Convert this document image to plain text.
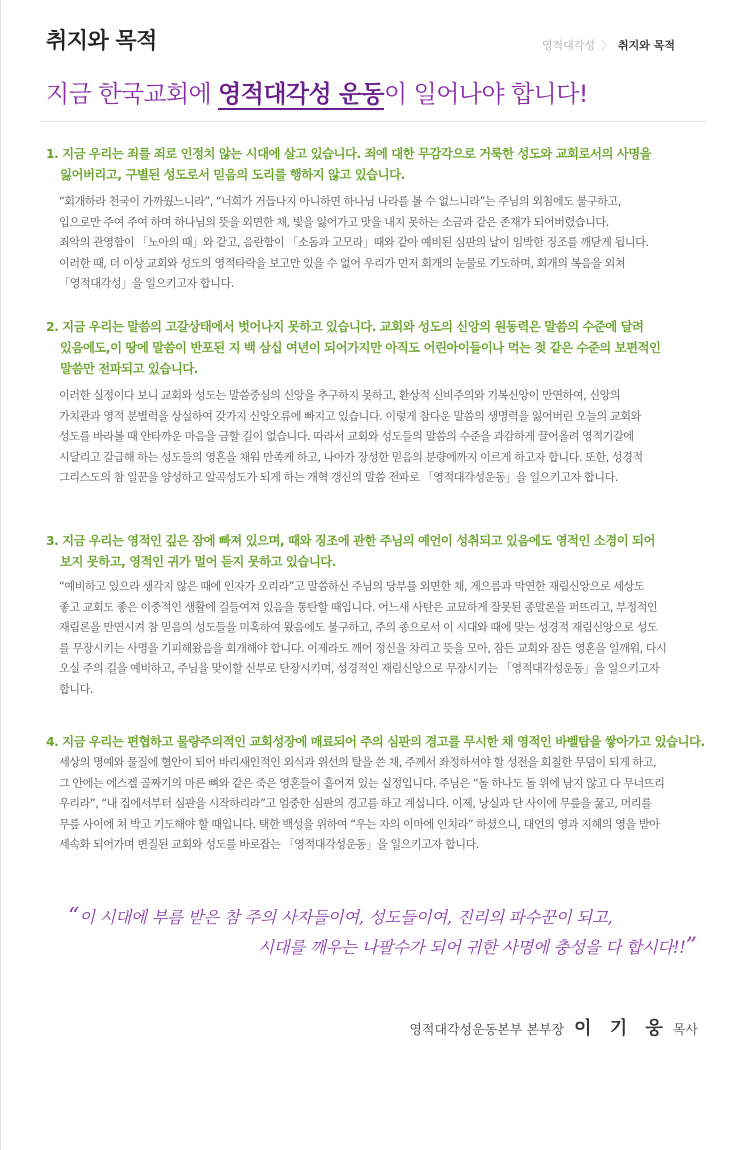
취지와 목적	영적대각성 〉 취지와 목적
지금 한국교회에 영적대각성 운동이 일어나야 합니다!
1. 지금 우리는 죄를 죄로 인정치 않는 시대에 살고 있습니다. 죄에 대한 무감각으로 거룩한 성도와 교회로서의 사명을
잃어버리고, 구별된 성도로서 믿음의 도리를 행하지 않고 있습니다.
“회개하라 천국이 가까웠느니라”, “너희가 거듭나지 아니하면 하나님 나라를 볼 수 없느니라”는 주님의 외침에도 불구하고,
입으로만 주여 주여 하며 하나님의 뜻을 외면한 채, 빛을 잃어가고 맛을 내지 못하는 소금과 같은 존재가 되어버렸습니다.
죄악의 관영함이 「노아의 때」와 같고, 음란함이 「소돔과 고모라」때와 같아 예비된 심판의 날이 임박한 징조를 깨닫게 됩니다.
이러한 때, 더 이상 교회와 성도의 영적타락을 보고만 있을 수 없어 우리가 먼저 회개의 눈물로 기도하며, 회개의 복음을 외쳐
「영적대각성」을 일으키고자 합니다.
2. 지금 우리는 말씀의 고갈상태에서 벗어나지 못하고 있습니다. 교회와 성도의 신앙의 원동력은 말씀의 수준에 달려
있음에도,이 땅에 말씀이 반포된 지 백 삼십 여년이 되어가지만 아직도 어린아이들이나 먹는 젖 같은 수준의 보편적인
말씀만 전파되고 있습니다.
이러한 실정이다 보니 교회와 성도는 말씀중심의 신앙을 추구하지 못하고, 환상적 신비주의와 기복신앙이 만연하여, 신앙의
가치관과 영적 분별력을 상실하여 갖가지 신앙오류에 빠지고 있습니다. 이렇게 참다운 말씀의 생명력을 잃어버린 오늘의 교회와
성도를 바라볼 때 안타까운 마음을 금할 길이 없습니다. 따라서 교회와 성도들의 말씀의 수준을 과감하게 끌어올려 영적기갈에
시달리고 갈급해 하는 성도들의 영혼을 채워 만족케 하고, 나아가 장성한 믿음의 분량에까지 이르게 하고자 합니다. 또한, 성경적
그리스도의 참 일꾼을 양성하고 알곡성도가 되게 하는 개혁 갱신의 말씀 전파로 「영적대각성운동」을 일으키고자 합니다.
3. 지금 우리는 영적인 깊은 잠에 빠져 있으며, 때와 징조에 관한 주님의 예언이 성취되고 있음에도 영적인 소경이 되어
보지 못하고, 영적인 귀가 멀어 듣지 못하고 있습니다.
“예비하고 있으라 생각지 않은 때에 인자가 오리라”고 말씀하신 주님의 당부를 외면한 채, 게으름과 막연한 재림신앙으로 세상도
좋고 교회도 좋은 이중적인 생활에 길들여져 있음을 통탄할 때입니다. 어느새 사탄은 교묘하게 잘못된 종말론을 퍼뜨리고, 부정적인
재림론을 만연시켜 참 믿음의 성도들을 미혹하여 왔음에도 불구하고, 주의 종으로서 이 시대와 때에 맞는 성경적 재림신앙으로 성도
를 무장시키는 사명을 기피해왔음을 회개해야 합니다. 이제라도 깨어 정신을 차리고 뜻을 모아, 잠든 교회와 잠든 영혼을 일깨워, 다시
오실 주의 길을 예비하고, 주님을 맞이할 신부로 단장시키며, 성경적인 재림신앙으로 무장시키는 「영적대각성운동」을 일으키고자
합니다.
4. 지금 우리는 편협하고 물량주의적인 교회성장에 매료되어 주의 심판의 경고를 무시한 채 영적인 바벨탑을 쌓아가고 있습니다.
세상의 명예와 물질에 혈안이 되어 바리새인적인 외식과 위선의 탈을 쓴 채, 주께서 좌정하셔야 할 성전을 회칠한 무덤이 되게 하고,
그 안에는 에스겔 골짜기의 마른 뼈와 같은 죽은 영혼들이 흩어져 있는 실정입니다. 주님은 “돌 하나도 돌 위에 남지 않고 다 무너뜨리
우리라”, “내 집에서부터 심판을 시작하리라”고 엄중한 심판의 경고를 하고 계십니다. 이제, 낭실과 단 사이에 무릎을 꿇고, 머리를
무릎 사이에 쳐 박고 기도해야 할 때입니다. 택한 백성을 위하여 “우는 자의 이마에 인치라” 하셨으니, 대언의 영과 지혜의 영을 받아
세속화 되어가며 변질된 교회와 성도를 바로잡는 「영적대각성운동」을 일으키고자 합니다.
“이 시대에 부름 받은 참 주의 사자들이여, 성도들이여, 진리의 파수꾼이 되고,
시대를 깨우는 나팔수가 되어 귀한 사명에 충성을 다 합시다!!”
영적대각성운동본부 본부장 이 기 웅 목사
